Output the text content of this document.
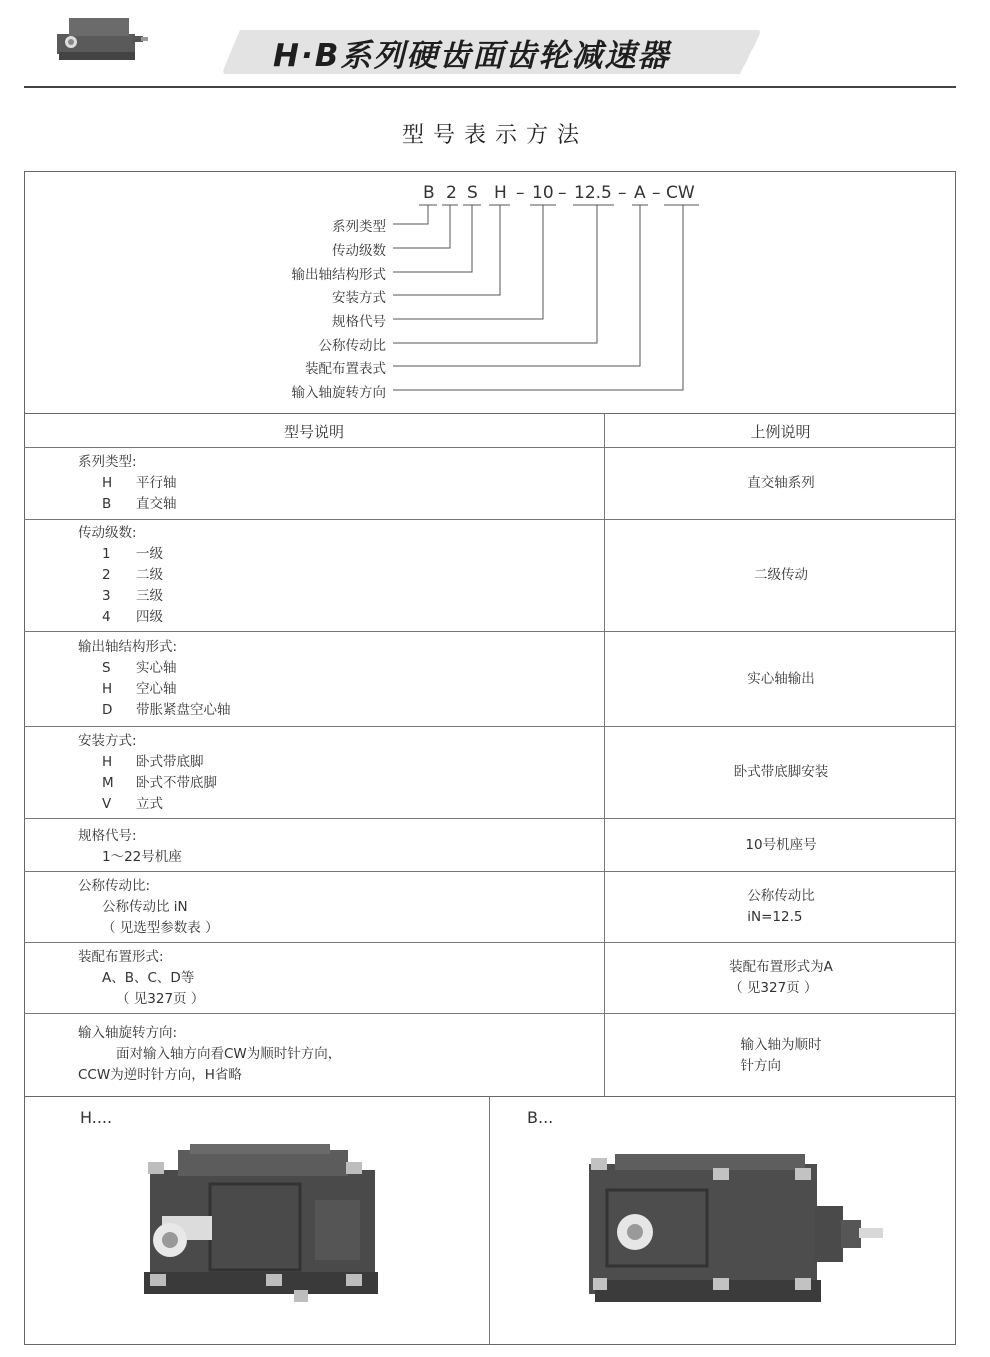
H·B系列硬齿面齿轮减速器
型号表示方法
B 2 S H – 10 – 12.5 – A – CW
系列类型
传动级数
输出轴结构形式
安装方式
规格代号
公称传动比
装配布置表式
输入轴旋转方向
型号说明	上例说明
系列类型:
H 平行轴
B 直交轴
直交轴系列
传动级数:
1 一级
2 二级
3 三级
4 四级
二级传动
输出轴结构形式:
S 实心轴
H 空心轴
D 带胀紧盘空心轴
实心轴输出
安装方式:
H 卧式带底脚
M 卧式不带底脚
V 立式
卧式带底脚安装
规格代号:
1～22号机座
10号机座号
公称传动比:
公称传动比 iN
（ 见选型参数表 ）
公称传动比
iN=12.5
装配布置形式:
A、B、C、D等
（ 见327页 ）
装配布置形式为A
（ 见327页 ）
输入轴旋转方向:
面对输入轴方向看CW为顺时针方向，
CCW为逆时针方向，H省略
输入轴为顺时
针方向
H....	B...
